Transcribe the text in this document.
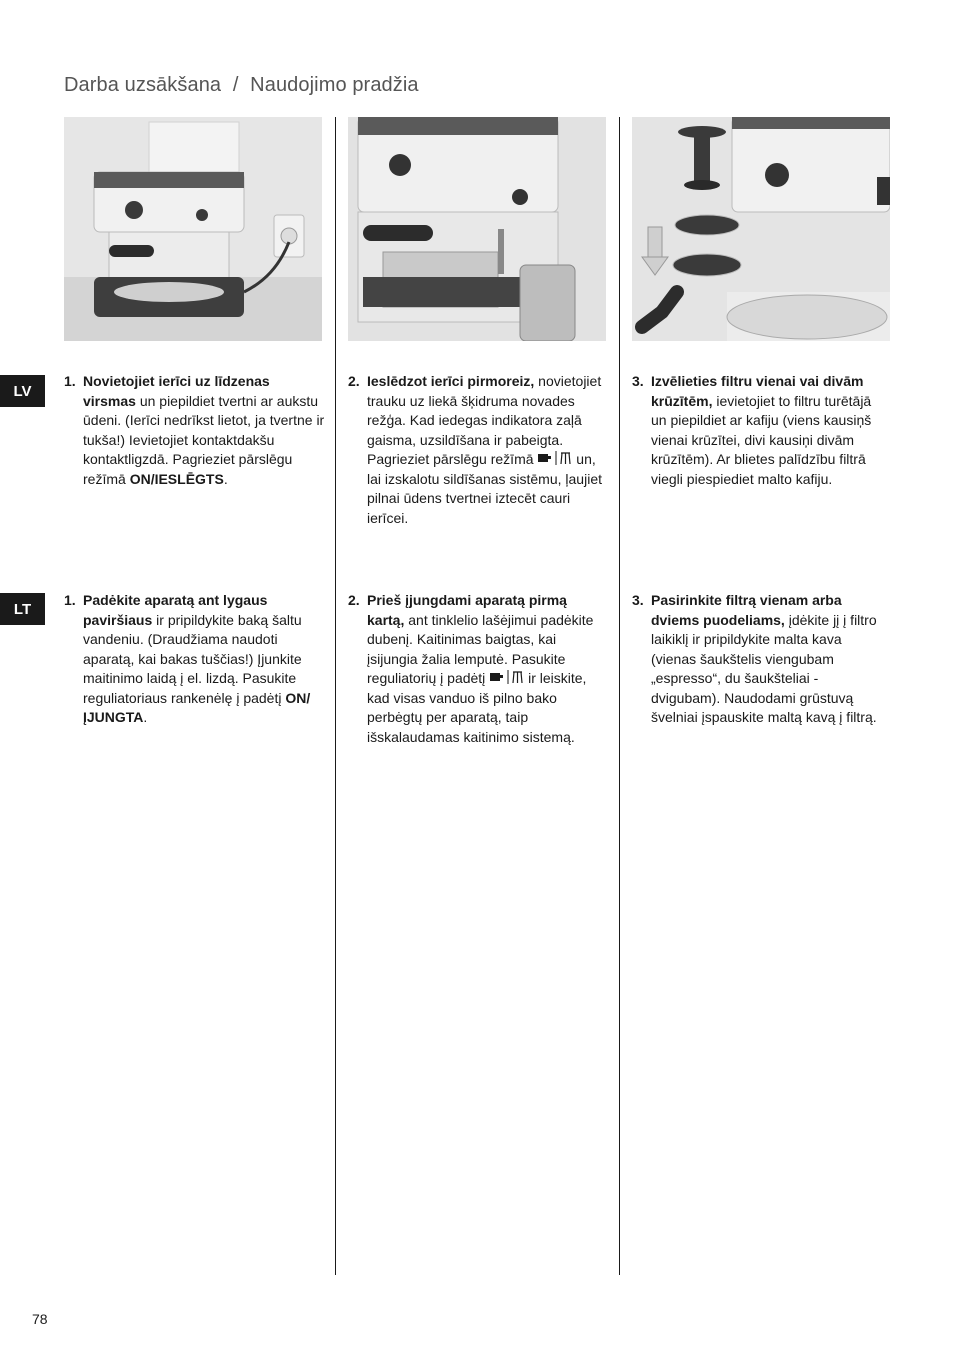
Darba uzsākšana / Naudojimo pradžia
LV
LT
1. Novietojiet ierīci uz līdzenas virsmas un piepildiet tvertni ar aukstu ūdeni. (Ierīci nedrīkst lietot, ja tvertne ir tukša!) Ievietojiet kontaktdakšu kontaktligzdā. Pagrieziet pārslēgu režīmā ON/IESLĒGTS.
2. Ieslēdzot ierīci pirmoreiz, novietojiet trauku uz liekā šķidruma novades režģa. Kad iedegas indikatora zaļā gaisma, uzsildīšana ir pabeigta. Pagrieziet pārslēgu režīmā	un, lai izskalotu sildīšanas sistēmu, ļaujiet pilnai ūdens tvertnei iztecēt cauri ierīcei.
3. Izvēlieties filtru vienai vai divām krūzītēm, ievietojiet to filtru turētājā un piepildiet ar kafiju (viens kausiņš vienai krūzītei, divi kausiņi divām krūzītēm). Ar blietes palīdzību filtrā viegli piespiediet malto kafiju.
1. Padėkite aparatą ant lygaus paviršiaus ir pripildykite baką šaltu vandeniu. (Draudžiama naudoti aparatą, kai bakas tuščias!) Įjunkite maitinimo laidą į el. lizdą. Pasukite reguliatoriaus rankenėlę į padėtį ON/ĮJUNGTA.
2. Prieš įjungdami aparatą pirmą kartą, ant tinklelio lašėjimui padėkite dubenį. Kaitinimas baigtas, kai įsijungia žalia lemputė. Pasukite reguliatorių į padėtį	ir leiskite, kad visas vanduo iš pilno bako perbėgtų per aparatą, taip išskalaudamas kaitinimo sistemą.
3. Pasirinkite filtrą vienam arba dviems puodeliams, įdėkite jį į filtro laikiklį ir pripildykite malta kava (vienas šaukštelis viengubam „espresso“, du šaukšteliai - dvigubam). Naudodami grūstuvą švelniai įspauskite maltą kavą į filtrą.
78
